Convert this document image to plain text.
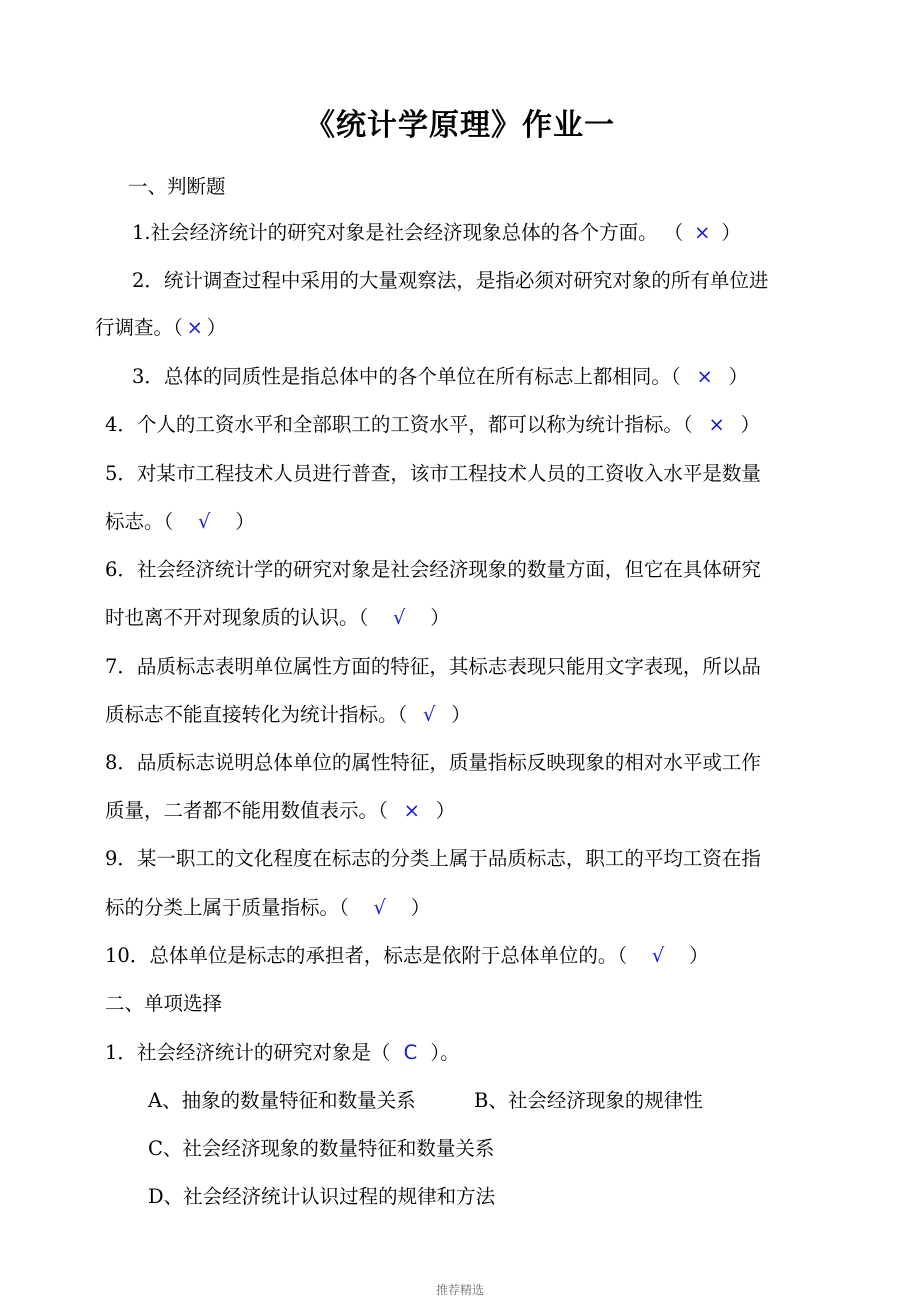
《统计学原理》作业一
一、判断题
1.社会经济统计的研究对象是社会经济现象总体的各个方面。 （ × ）
2．统计调查过程中采用的大量观察法，是指必须对研究对象的所有单位进
行调查。（ × ）
3．总体的同质性是指总体中的各个单位在所有标志上都相同。（ × ）
4．个人的工资水平和全部职工的工资水平，都可以称为统计指标。（ × ）
5．对某市工程技术人员进行普查，该市工程技术人员的工资收入水平是数量
标志。（ √ ）
6．社会经济统计学的研究对象是社会经济现象的数量方面，但它在具体研究
时也离不开对现象质的认识。（ √ ）
7．品质标志表明单位属性方面的特征，其标志表现只能用文字表现，所以品
质标志不能直接转化为统计指标。（ √ ）
8．品质标志说明总体单位的属性特征，质量指标反映现象的相对水平或工作
质量，二者都不能用数值表示。（ × ）
9．某一职工的文化程度在标志的分类上属于品质标志，职工的平均工资在指
标的分类上属于质量指标。（ √ ）
10．总体单位是标志的承担者，标志是依附于总体单位的。（ √ ）
二、单项选择
1．社会经济统计的研究对象是（ C ）。
A、抽象的数量特征和数量关系	B、社会经济现象的规律性
C、社会经济现象的数量特征和数量关系
D、社会经济统计认识过程的规律和方法
推荐精选
